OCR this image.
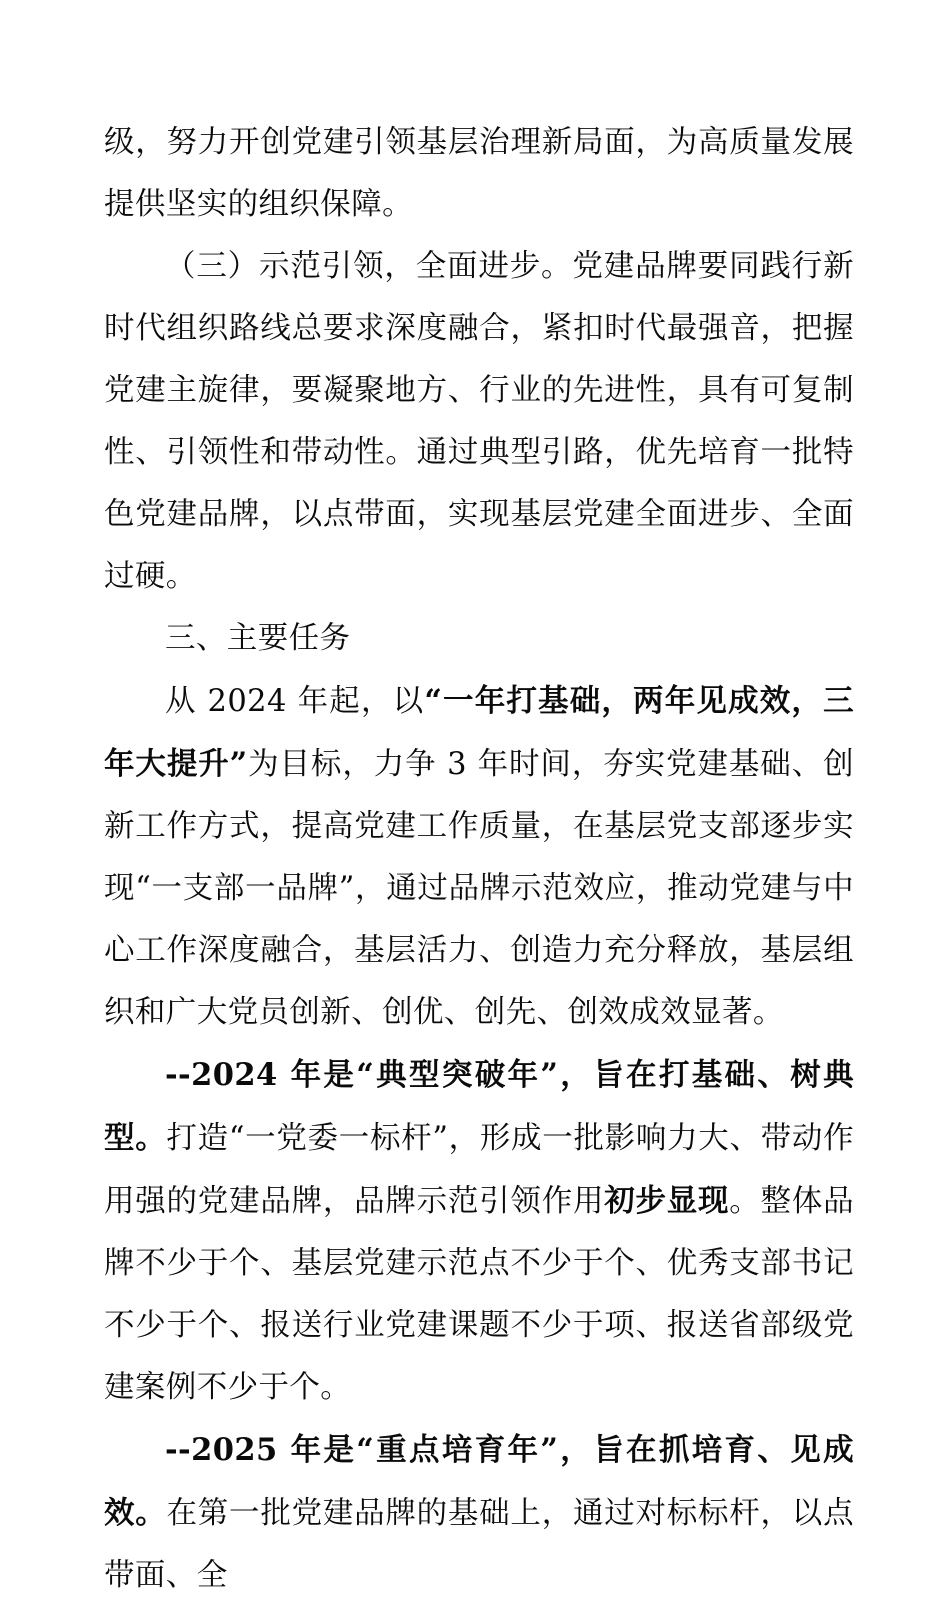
级，努力开创党建引领基层治理新局面，为高质量发展提供坚实的组织保障。

（三）示范引领，全面进步。党建品牌要同践行新时代组织路线总要求深度融合，紧扣时代最强音，把握党建主旋律，要凝聚地方、行业的先进性，具有可复制性、引领性和带动性。通过典型引路，优先培育一批特色党建品牌，以点带面，实现基层党建全面进步、全面过硬。

三、主要任务

从 2024 年起，以“一年打基础，两年见成效，三年大提升”为目标，力争 3 年时间，夯实党建基础、创新工作方式，提高党建工作质量，在基层党支部逐步实现“一支部一品牌”，通过品牌示范效应，推动党建与中心工作深度融合，基层活力、创造力充分释放，基层组织和广大党员创新、创优、创先、创效成效显著。

--2024 年是“典型突破年”，旨在打基础、树典型。打造“一党委一标杆”，形成一批影响力大、带动作用强的党建品牌，品牌示范引领作用初步显现。整体品牌不少于个、基层党建示范点不少于个、优秀支部书记不少于个、报送行业党建课题不少于项、报送省部级党建案例不少于个。

--2025 年是“重点培育年”，旨在抓培育、见成效。在第一批党建品牌的基础上，通过对标标杆，以点带面、全
